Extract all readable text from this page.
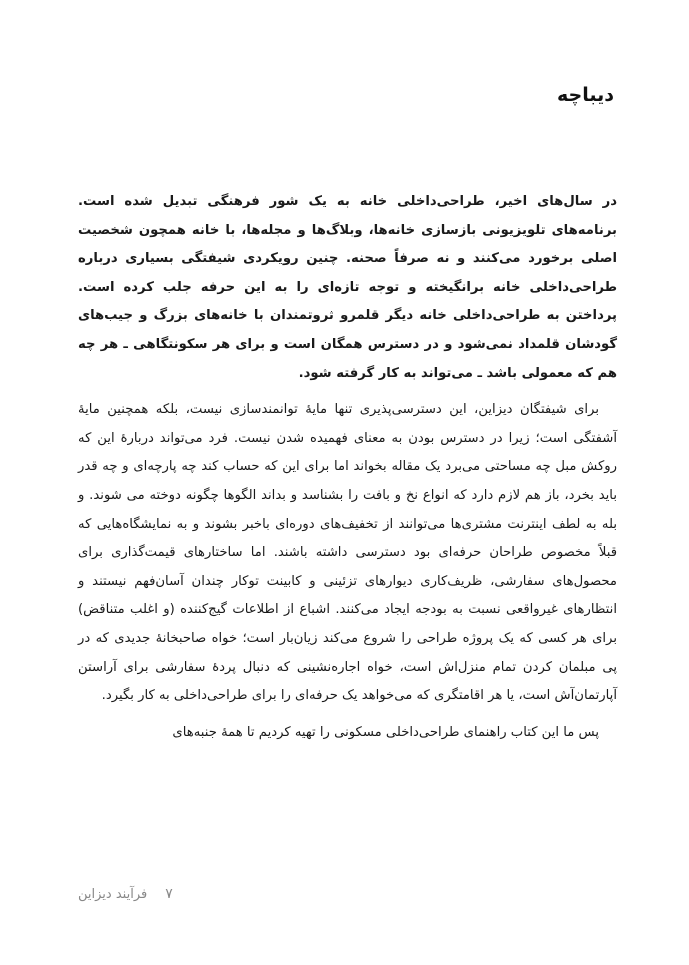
دیباچه

در سال‌های اخیر، طراحی‌داخلی خانه به یک شور فرهنگی تبدیل شده است. برنامه‌های تلویزیونی بازسازی خانه‌ها، وبلاگ‌ها و مجله‌ها، با خانه همچون شخصیت اصلی برخورد می‌کنند و نه صرفاً صحنه. چنین رویکردی شیفتگی بسیاری درباره طراحی‌داخلی خانه برانگیخته و توجه تازه‌ای را به این حرفه جلب کرده است. پرداختن به طراحی‌داخلی خانه دیگر قلمرو ثروتمندان با خانه‌های بزرگ و جیب‌های گودشان قلمداد نمی‌شود و در دسترس همگان است و برای هر سکونتگاهی ـ هر چه هم که معمولی باشد ـ می‌تواند به کار گرفته شود.

برای شیفتگان دیزاین، این دسترسی‌پذیری تنها مایهٔ توانمندسازی نیست، بلکه همچنین مایهٔ آشفتگی است؛ زیرا در دسترس بودن به معنای فهمیده شدن نیست. فرد می‌تواند دربارهٔ این که روکش مبل چه مساحتی می‌برد یک مقاله بخواند اما برای این که حساب کند چه پارچه‌ای و چه قدر باید بخرد، باز هم لازم دارد که انواع نخ و بافت را بشناسد و بداند الگوها چگونه دوخته می شوند. و بله به لطف اینترنت مشتری‌ها می‌توانند از تخفیف‌های دوره‌ای باخبر بشوند و به نمایشگاه‌هایی که قبلاً مخصوص طراحان حرفه‌ای بود دسترسی داشته باشند. اما ساختارهای قیمت‌گذاری برای محصول‌های سفارشی، ظریف‌کاری دیوارهای تزئینی و کابینت توکار چندان آسان‌فهم نیستند و انتظارهای غیرواقعی نسبت به بودجه ایجاد می‌کنند. اشباع از اطلاعات گیج‌کننده (و اغلب متناقض) برای هر کسی که یک پروژه طراحی را شروع می‌کند زیان‌بار است؛ خواه صاحبخانهٔ جدیدی که در پی مبلمان کردن تمام منزل‌اش است، خواه اجاره‌نشینی که دنبال پردهٔ سفارشی برای آراستن آپارتمان‌آش است، یا هر اقامتگری که می‌خواهد یک حرفه‌ای را برای طراحی‌داخلی به کار بگیرد.

پس ما این کتاب راهنمای طراحی‌داخلی مسکونی را تهیه کردیم تا همهٔ جنبه‌های

۷
فرآیند دیزاین
